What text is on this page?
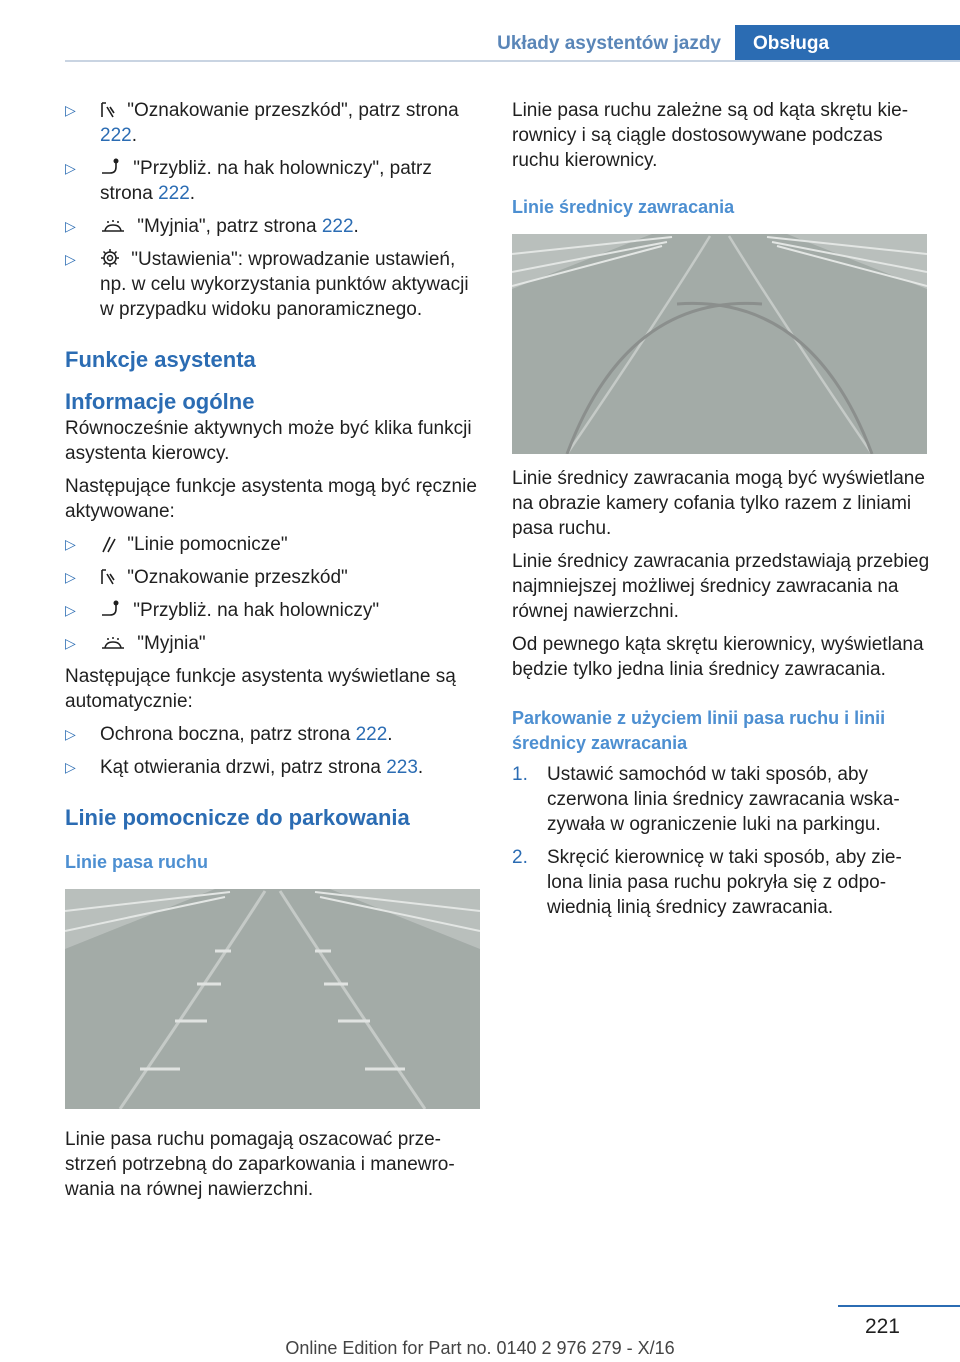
Układy asystentów jazdy	Obsługa
▷ "Oznakowanie przeszkód", patrz strona 222.
▷	"Przybliż. na hak holowniczy", patrz strona 222.
▷	"Myjnia", patrz strona 222.
▷	"Ustawienia": wprowadzanie ustawień, np. w celu wykorzystania punktów aktywacji w przypadku widoku panoramicznego.
Funkcje asystenta
Informacje ogólne

Równocześnie aktywnych może być klika funkcji asystenta kierowcy.

Następujące funkcje asystenta mogą być ręcznie aktywowane:

▷ "Linie pomocnicze"
▷ "Oznakowanie przeszkód"
▷	"Przybliż. na hak holowniczy"
▷	"Myjnia"

Następujące funkcje asystenta wyświetlane są automatycznie:

▷ Ochrona boczna, patrz strona 222.
▷ Kąt otwierania drzwi, patrz strona 223.
Linie pomocnicze do parkowania
Linie pasa ruchu

Linie pasa ruchu pomagają oszacować przestrzeń potrzebną do zaparkowania i manewrowania na równej nawierzchni.

Linie pasa ruchu zależne są od kąta skrętu kierownicy i są ciągle dostosowywane podczas ruchu kierownicy.

Linie średnicy zawracania

Linie średnicy zawracania mogą być wyświetlane na obrazie kamery cofania tylko razem z liniami pasa ruchu.

Linie średnicy zawracania przedstawiają przebieg najmniejszej możliwej średnicy zawracania na równej nawierzchni.

Od pewnego kąta skrętu kierownicy, wyświetlana będzie tylko jedna linia średnicy zawracania.

Parkowanie z użyciem linii pasa ruchu i linii średnicy zawracania
1. Ustawić samochód w taki sposób, aby czerwona linia średnicy zawracania wskazywała w ograniczenie luki na parkingu.
2. Skręcić kierownicę w taki sposób, aby zielona linia pasa ruchu pokryła się z odpowiednią linią średnicy zawracania.
221
Online Edition for Part no. 0140 2 976 279 - X/16
